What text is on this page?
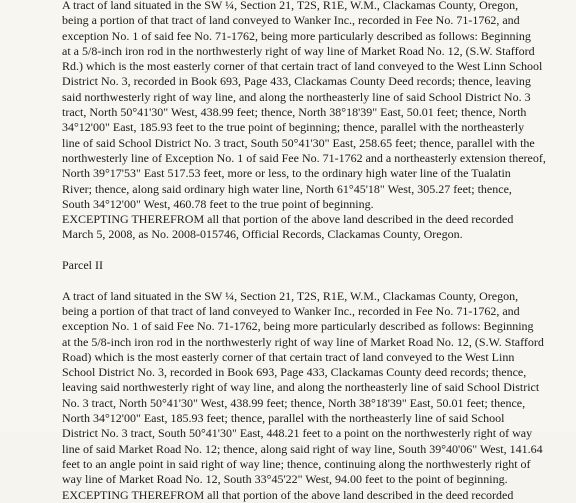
A tract of land situated in the SW ¼, Section 21, T2S, R1E, W.M., Clackamas County, Oregon,
being a portion of that tract of land conveyed to Wanker Inc., recorded in Fee No. 71-1762, and
exception No. 1 of said fee No. 71-1762, being more particularly described as follows: Beginning
at a 5/8-inch iron rod in the northwesterly right of way line of Market Road No. 12, (S.W. Stafford
Rd.) which is the most easterly corner of that certain tract of land conveyed to the West Linn School
District No. 3, recorded in Book 693, Page 433, Clackamas County Deed records; thence, leaving
said northwesterly right of way line, and along the northeasterly line of said School District No. 3
tract, North 50°41'30" West, 438.99 feet; thence, North 38°18'39" East, 50.01 feet; thence, North
34°12'00" East, 185.93 feet to the true point of beginning; thence, parallel with the northeasterly
line of said School District No. 3 tract, South 50°41'30" East, 258.65 feet; thence, parallel with the
northwesterly line of Exception No. 1 of said Fee No. 71-1762 and a northeasterly extension thereof,
North 39°17'53" East 517.53 feet, more or less, to the ordinary high water line of the Tualatin
River; thence, along said ordinary high water line, North 61°45'18" West, 305.27 feet; thence,
South 34°12'00" West, 460.78 feet to the true point of beginning.
EXCEPTING THEREFROM all that portion of the above land described in the deed recorded
March 5, 2008, as No. 2008-015746, Official Records, Clackamas County, Oregon.
Parcel II
A tract of land situated in the SW ¼, Section 21, T2S, R1E, W.M., Clackamas County, Oregon,
being a portion of that tract of land conveyed to Wanker Inc., recorded in Fee No. 71-1762, and
exception No. 1 of said Fee No. 71-1762, being more particularly described as follows: Beginning
at the 5/8-inch iron rod in the northwesterly right of way line of Market Road No. 12, (S.W. Stafford
Road) which is the most easterly corner of that certain tract of land conveyed to the West Linn
School District No. 3, recorded in Book 693, Page 433, Clackamas County deed records; thence,
leaving said northwesterly right of way line, and along the northeasterly line of said School District
No. 3 tract, North 50°41'30" West, 438.99 feet; thence, North 38°18'39" East, 50.01 feet; thence,
North 34°12'00" East, 185.93 feet; thence, parallel with the northeasterly line of said School
District No. 3 tract, South 50°41'30" East, 448.21 feet to a point on the northwesterly right of way
line of said Market Road No. 12; thence, along said right of way line, South 39°40'06" West, 141.64
feet to an angle point in said right of way line; thence, continuing along the northwesterly right of
way line of Market Road No. 12, South 33°45'22" West, 94.00 feet to the point of beginning.
EXCEPTING THEREFROM all that portion of the above land described in the deed recorded
